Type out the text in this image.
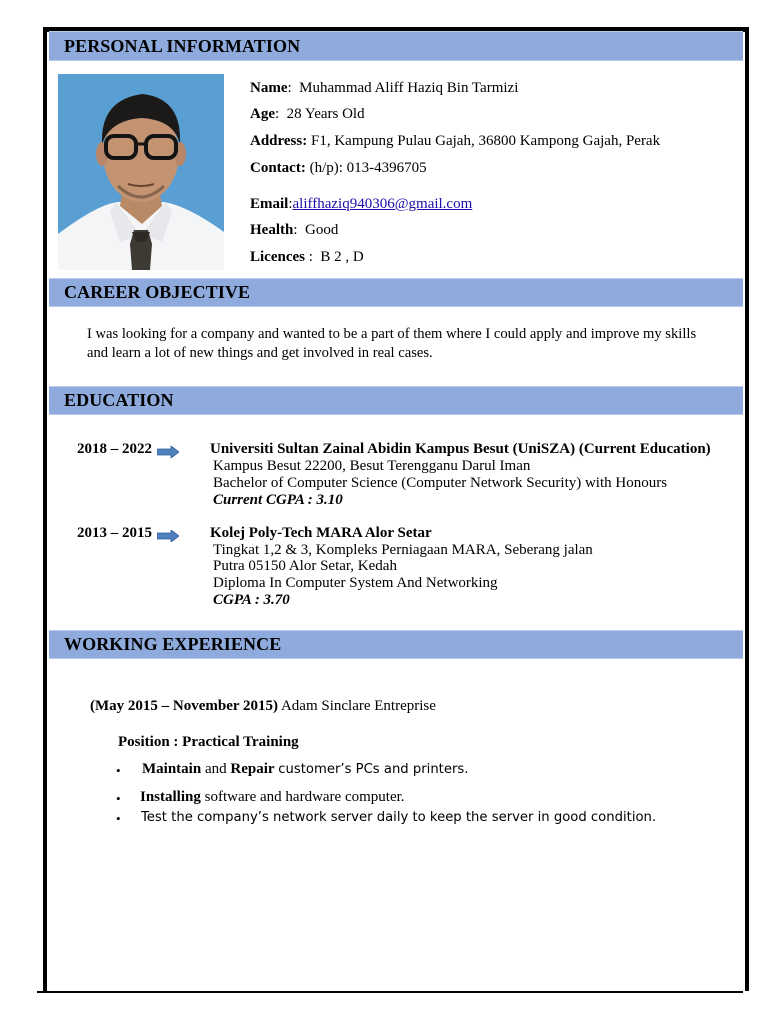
PERSONAL INFORMATION
Name:  Muhammad Aliff Haziq Bin Tarmizi
Age:  28 Years Old
Address: F1, Kampung Pulau Gajah, 36800 Kampong Gajah, Perak
Contact: (h/p): 013-4396705
Email:aliffhaziq940306@gmail.com
Health:  Good
Licences :  B 2 , D
CAREER OBJECTIVE
I was looking for a company and wanted to be a part of them where I could apply and improve my skills
and learn a lot of new things and get involved in real cases.
EDUCATION
2018 – 2022	Universiti Sultan Zainal Abidin Kampus Besut (UniSZA) (Current Education)
Kampus Besut 22200, Besut Terengganu Darul Iman
Bachelor of Computer Science (Computer Network Security) with Honours
Current CGPA : 3.10
2013 – 2015	Kolej Poly-Tech MARA Alor Setar
Tingkat 1,2 & 3, Kompleks Perniagaan MARA, Seberang jalan
Putra 05150 Alor Setar, Kedah
Diploma In Computer System And Networking
CGPA : 3.70
WORKING EXPERIENCE
(May 2015 – November 2015) Adam Sinclare Entreprise
Position : Practical Training
• Maintain and Repair customer’s PCs and printers.
• Installing software and hardware computer.
• Test the company’s network server daily to keep the server in good condition.
